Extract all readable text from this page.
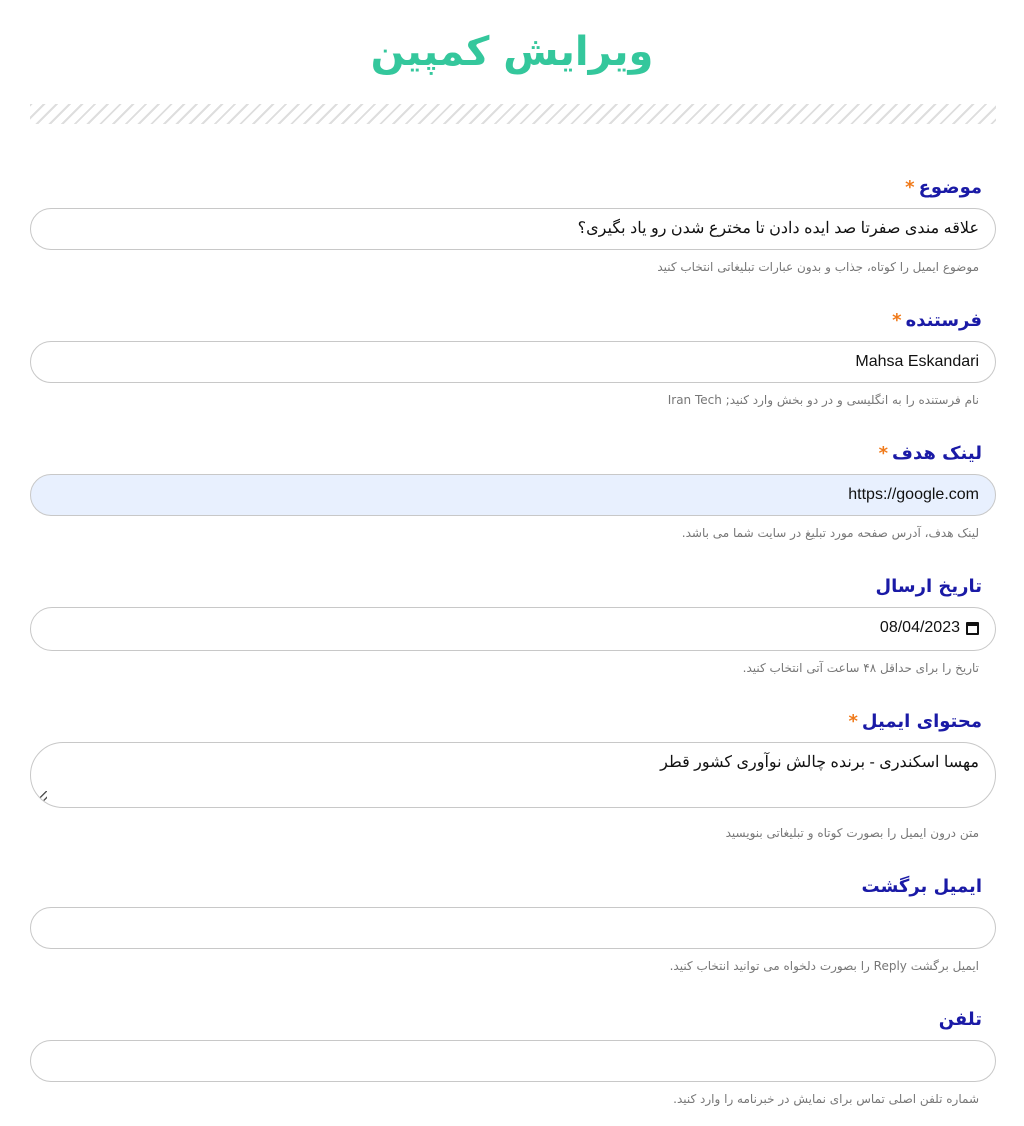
ویرایش کمپین
موضوع*
علاقه مندی صفرتا صد ایده دادن تا مخترع شدن رو یاد بگیری؟
موضوع ایمیل را کوتاه، جذاب و بدون عبارات تبلیغاتی انتخاب کنید
فرستنده*
Mahsa Eskandari
نام فرستنده را به انگلیسی و در دو بخش وارد کنید; Iran Tech
لینک هدف*
https://google.com
لینک هدف، آدرس صفحه مورد تبلیغ در سایت شما می باشد.
تاریخ ارسال
08/04/2023
تاریخ را برای حداقل ۴۸ ساعت آتی انتخاب کنید.
محتوای ایمیل*
مهسا اسکندری - برنده چالش نوآوری کشور قطر
متن درون ایمیل را بصورت کوتاه و تبلیغاتی بنویسید
ایمیل برگشت
ایمیل برگشت Reply را بصورت دلخواه می توانید انتخاب کنید.
تلفن
شماره تلفن اصلی تماس برای نمایش در خبرنامه را وارد کنید.
